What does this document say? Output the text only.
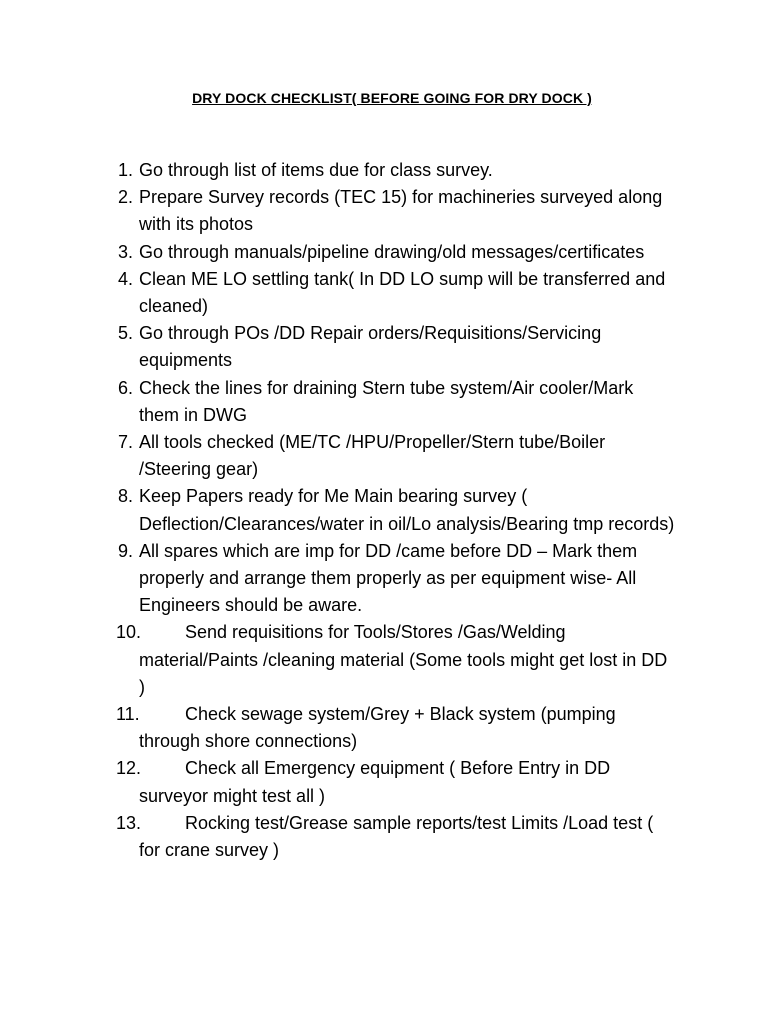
DRY DOCK CHECKLIST( BEFORE GOING FOR DRY DOCK )
1. Go through list of items due for class survey.
2. Prepare Survey records (TEC 15) for machineries surveyed along with its photos
3. Go through manuals/pipeline drawing/old messages/certificates
4. Clean ME LO settling tank( In DD LO sump will be transferred and cleaned)
5. Go through POs /DD Repair orders/Requisitions/Servicing equipments
6. Check the lines for draining Stern tube system/Air cooler/Mark them in DWG
7. All tools checked (ME/TC /HPU/Propeller/Stern tube/Boiler /Steering gear)
8. Keep Papers ready for Me Main bearing survey ( Deflection/Clearances/water in oil/Lo analysis/Bearing tmp records)
9. All spares which are imp for DD /came before DD – Mark them properly and arrange them properly as per equipment wise- All Engineers should be aware.
10. Send requisitions for Tools/Stores /Gas/Welding material/Paints /cleaning material (Some tools might get lost in DD )
11.	Check sewage system/Grey + Black system (pumping through shore connections)
12. Check all Emergency equipment ( Before Entry in DD surveyor might test all )
13. Rocking test/Grease sample reports/test Limits /Load test ( for crane survey )
